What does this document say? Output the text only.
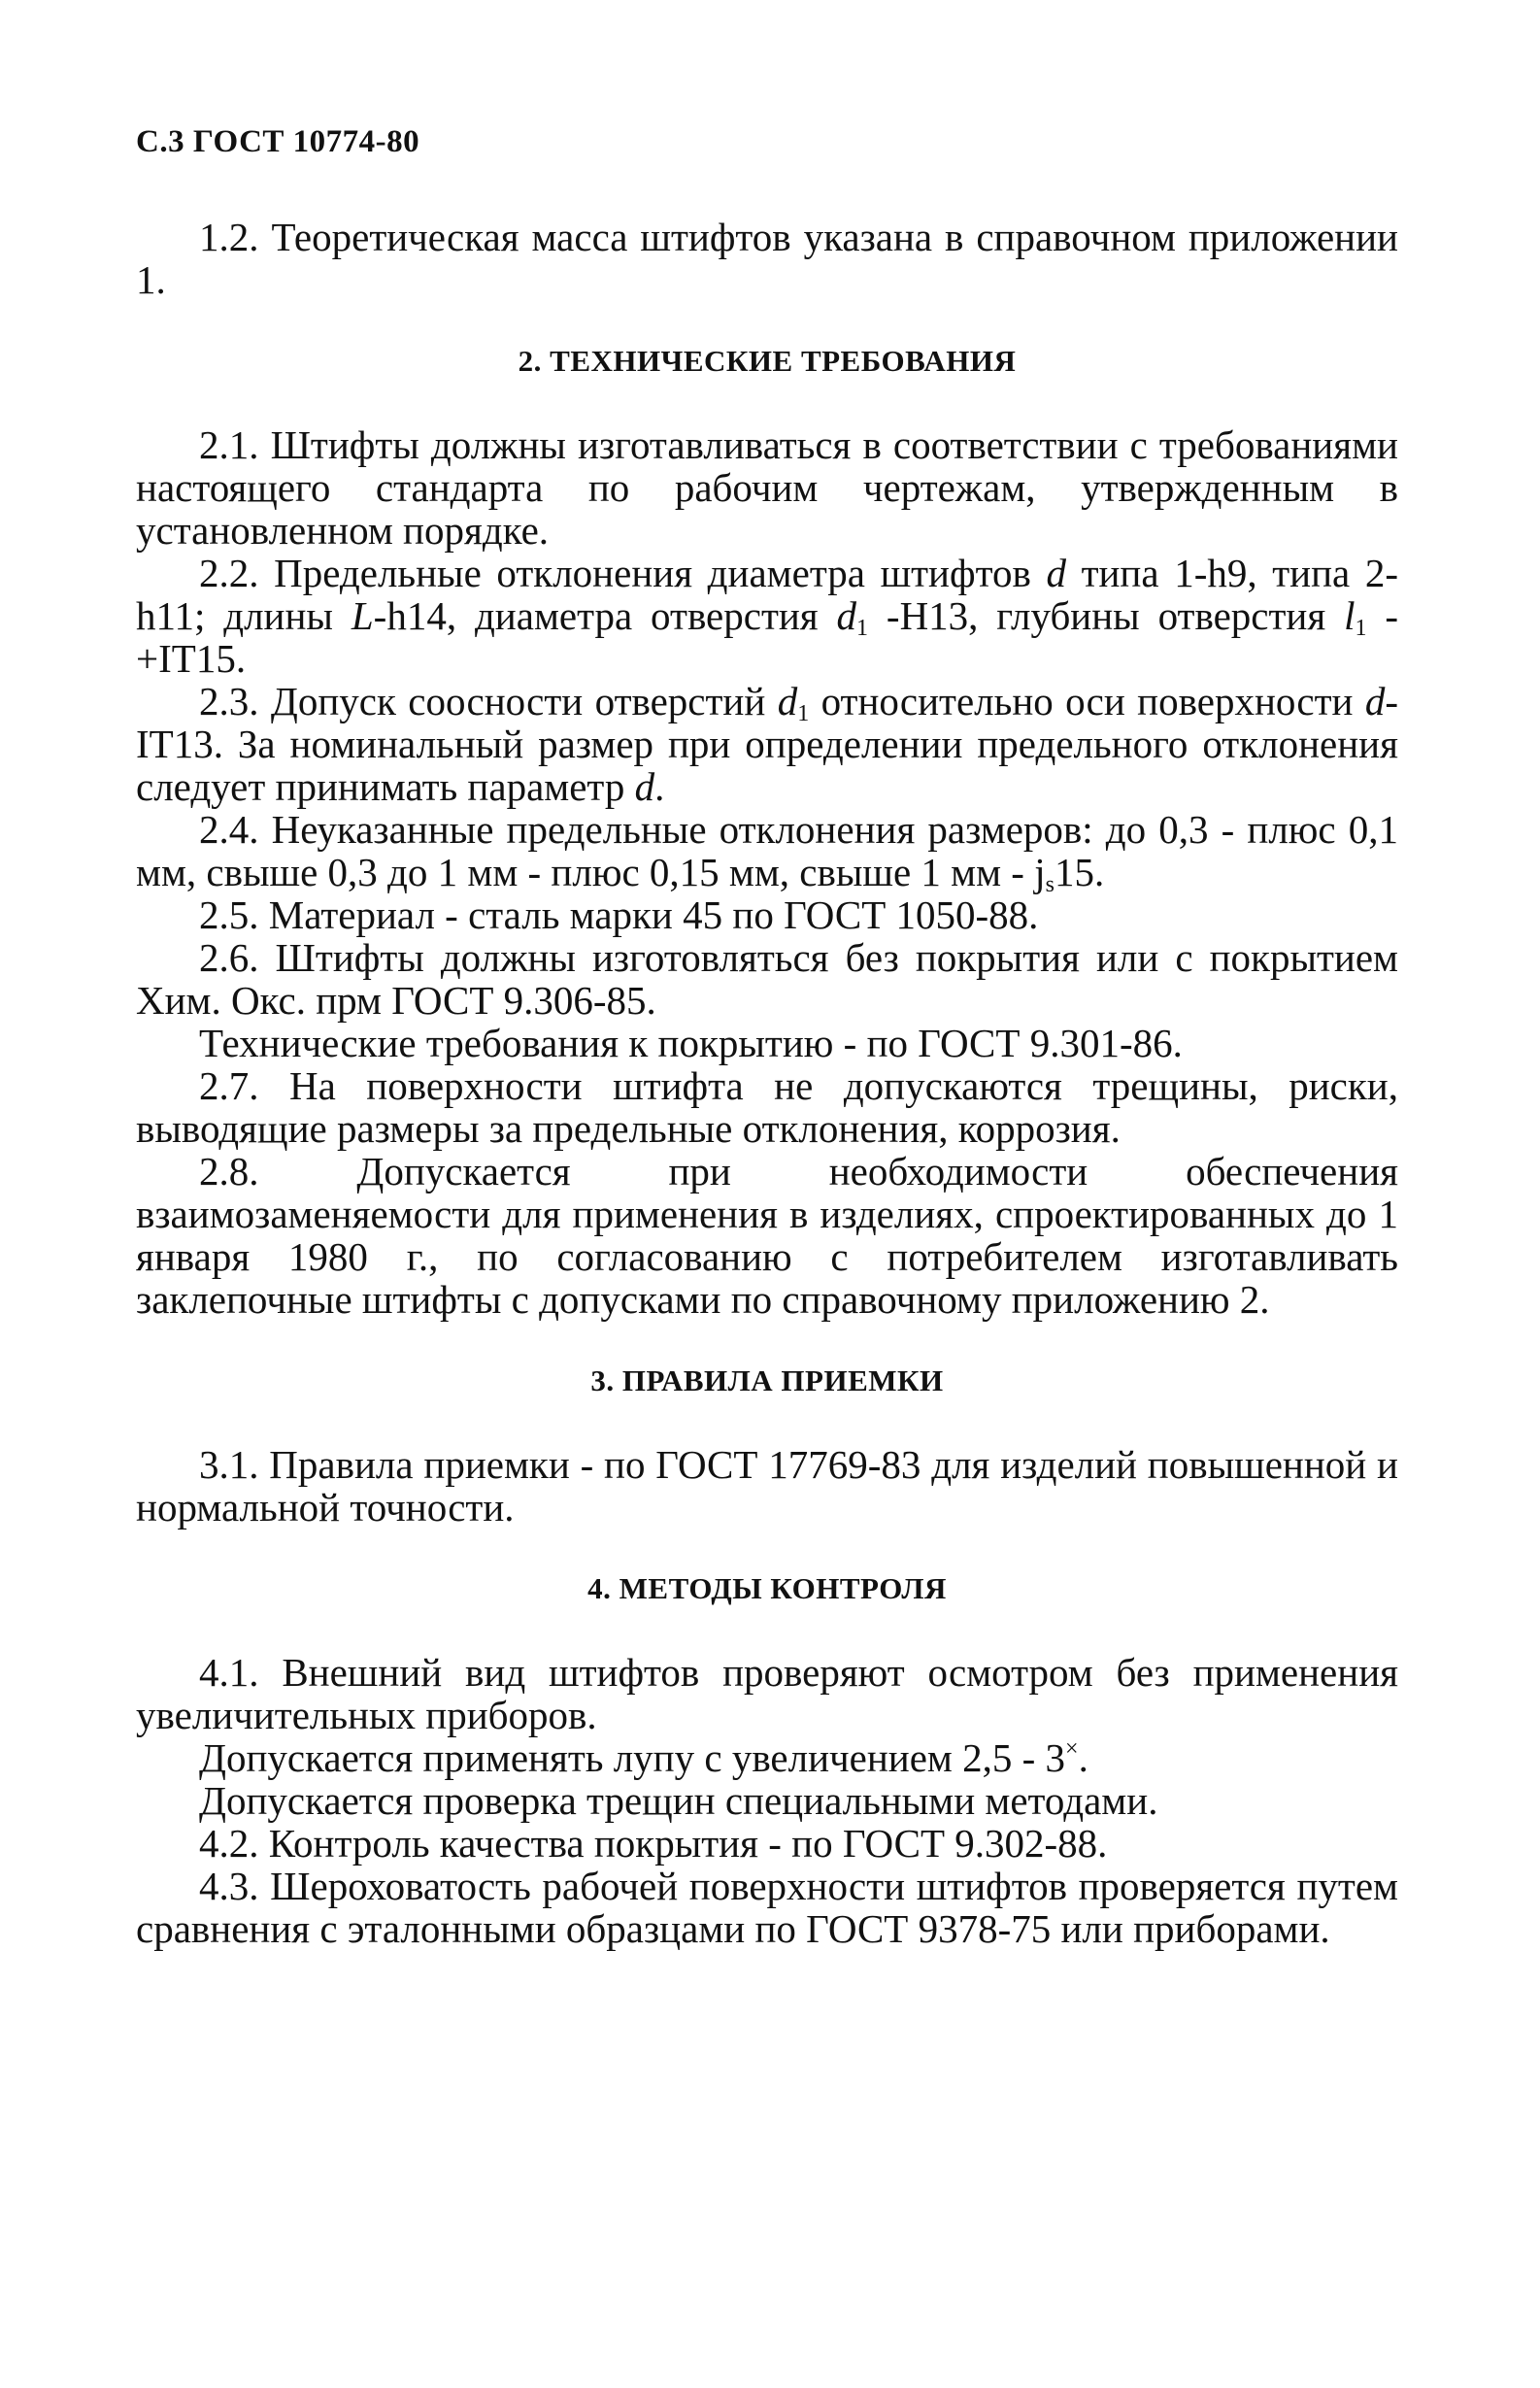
С.3 ГОСТ 10774-80

1.2. Теоретическая масса штифтов указана в справочном приложении 1.

2. ТЕХНИЧЕСКИЕ ТРЕБОВАНИЯ

2.1. Штифты должны изготавливаться в соответствии с требованиями настоящего стандарта по рабочим чертежам, утвержденным в установленном порядке.

2.2. Предельные отклонения диаметра штифтов d типа 1-h9, типа 2-h11; длины L-h14, диаметра отверстия $d_1$ -Н13, глубины отверстия $l_1$ -+IT15.

2.3. Допуск соосности отверстий $d_1$ относительно оси поверхности d-IT13. За номинальный размер при определении предельного отклонения следует принимать параметр d.

2.4. Неуказанные предельные отклонения размеров: до 0,3 - плюс 0,1 мм, свыше 0,3 до 1 мм - плюс 0,15 мм, свыше 1 мм - $j_s15$.

2.5. Материал - сталь марки 45 по ГОСТ 1050-88.

2.6. Штифты должны изготовляться без покрытия или с покрытием Хим. Окс. прм ГОСТ 9.306-85.

Технические требования к покрытию - по ГОСТ 9.301-86.

2.7. На поверхности штифта не допускаются трещины, риски, выводящие размеры за предельные отклонения, коррозия.

2.8. Допускается при необходимости обеспечения взаимозаменяемости для применения в изделиях, спроектированных до 1 января 1980 г., по согласованию с потребителем изготавливать заклепочные штифты с допусками по справочному приложению 2.

3. ПРАВИЛА ПРИЕМКИ

3.1. Правила приемки - по ГОСТ 17769-83 для изделий повышенной и нормальной точности.

4. МЕТОДЫ КОНТРОЛЯ

4.1. Внешний вид штифтов проверяют осмотром без применения увеличительных приборов.

Допускается применять лупу с увеличением 2,5 - 3×.

Допускается проверка трещин специальными методами.

4.2. Контроль качества покрытия - по ГОСТ 9.302-88.

4.3. Шероховатость рабочей поверхности штифтов проверяется путем сравнения с эталонными образцами по ГОСТ 9378-75 или приборами.
